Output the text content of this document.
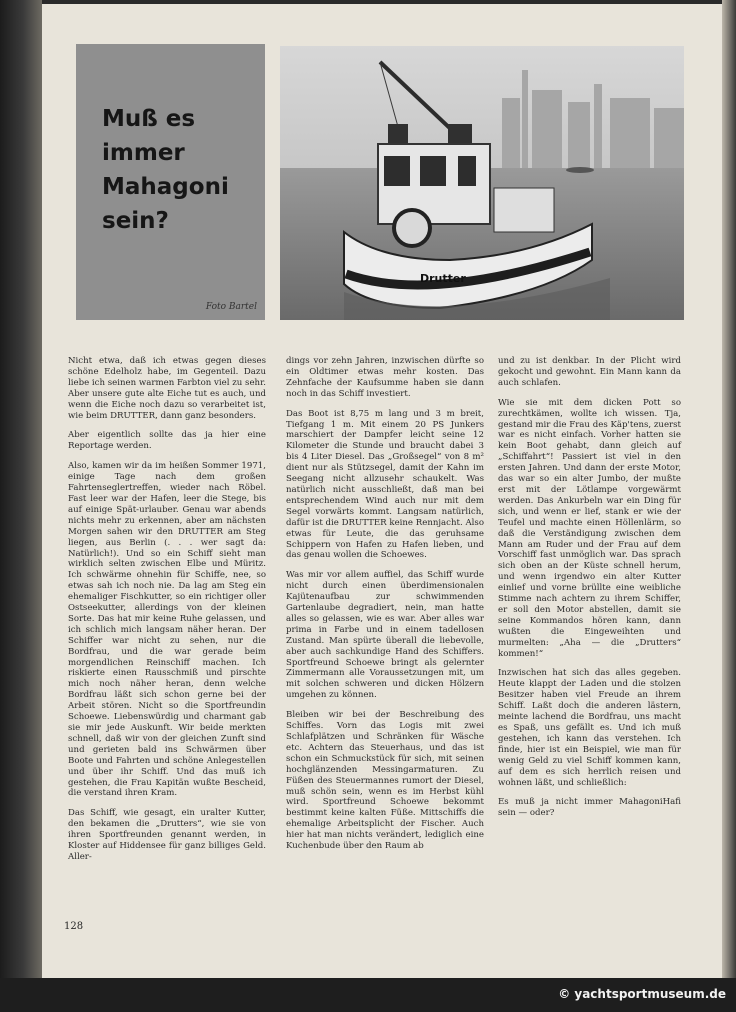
Muß es immer Mahagoni sein?
Foto Bartel
Drutter

Nicht etwa, daß ich etwas gegen dieses schöne Edelholz habe, im Gegenteil. Dazu liebe ich seinen warmen Farbton viel zu sehr. Aber unsere gute alte Eiche tut es auch, und wenn die Eiche noch dazu so verarbeitet ist, wie beim DRUTTER, dann ganz besonders.

Aber eigentlich sollte das ja hier eine Reportage werden.

Also, kamen wir da im heißen Sommer 1971, einige Tage nach dem großen Fahrtenseglertreffen, wieder nach Röbel. Fast leer war der Hafen, leer die Stege, bis auf einige Spät-urlauber. Genau war abends nichts mehr zu erkennen, aber am nächsten Morgen sahen wir den DRUTTER am Steg liegen, aus Berlin (. . . wer sagt da: Natürlich!). Und so ein Schiff sieht man wirklich selten zwischen Elbe und Müritz. Ich schwärme ohnehin für Schiffe, nee, so etwas sah ich noch nie. Da lag am Steg ein ehemaliger Fischkutter, so ein richtiger oller Ostseekutter, allerdings von der kleinen Sorte. Das hat mir keine Ruhe gelassen, und ich schlich mich langsam näher heran. Der Schiffer war nicht zu sehen, nur die Bordfrau, und die war gerade beim morgendlichen Reinschiff machen. Ich riskierte einen Rausschmiß und pirschte mich noch näher heran, denn welche Bordfrau läßt sich schon gerne bei der Arbeit stören. Nicht so die Sportfreundin Schoewe. Liebenswürdig und charmant gab sie mir jede Auskunft. Wir beide merkten schnell, daß wir von der gleichen Zunft sind und gerieten bald ins Schwärmen über Boote und Fahrten und schöne Anlegestellen und über ihr Schiff. Und das muß ich gestehen, die Frau Kapitän wußte Bescheid, die verstand ihren Kram.

Das Schiff, wie gesagt, ein uralter Kutter, den bekamen die „Drutters“, wie sie von ihren Sportfreunden genannt werden, in Kloster auf Hiddensee für ganz billiges Geld. Aller-

dings vor zehn Jahren, inzwischen dürfte so ein Oldtimer etwas mehr kosten. Das Zehnfache der Kaufsumme haben sie dann noch in das Schiff investiert.

Das Boot ist 8,75 m lang und 3 m breit, Tiefgang 1 m. Mit einem 20 PS Junkers marschiert der Dampfer leicht seine 12 Kilometer die Stunde und braucht dabei 3 bis 4 Liter Diesel. Das „Großsegel“ von 8 m² dient nur als Stützsegel, damit der Kahn im Seegang nicht allzusehr schaukelt. Was natürlich nicht ausschließt, daß man bei entsprechendem Wind auch nur mit dem Segel vorwärts kommt. Langsam natürlich, dafür ist die DRUTTER keine Rennjacht. Also etwas für Leute, die das geruhsame Schippern von Hafen zu Hafen lieben, und das genau wollen die Schoewes.

Was mir vor allem auffiel, das Schiff wurde nicht durch einen überdimensionalen Kajütenaufbau zur schwimmenden Gartenlaube degradiert, nein, man hatte alles so gelassen, wie es war. Aber alles war prima in Farbe und in einem tadellosen Zustand. Man spürte überall die liebevolle, aber auch sachkundige Hand des Schiffers. Sportfreund Schoewe bringt als gelernter Zimmermann alle Voraussetzungen mit, um mit solchen schweren und dicken Hölzern umgehen zu können.

Bleiben wir bei der Beschreibung des Schiffes. Vorn das Logis mit zwei Schlafplätzen und Schränken für Wäsche etc. Achtern das Steuerhaus, und das ist schon ein Schmuckstück für sich, mit seinen hochglänzenden Messingarmaturen. Zu Füßen des Steuermannes rumort der Diesel, muß schön sein, wenn es im Herbst kühl wird. Sportfreund Schoewe bekommt bestimmt keine kalten Füße. Mittschiffs die ehemalige Arbeitsplicht der Fischer. Auch hier hat man nichts verändert, lediglich eine Kuchenbude über den Raum ab

und zu ist denkbar. In der Plicht wird gekocht und gewohnt. Ein Mann kann da auch schlafen.

Wie sie mit dem dicken Pott so zurechtkämen, wollte ich wissen. Tja, gestand mir die Frau des Käp'tens, zuerst war es nicht einfach. Vorher hatten sie kein Boot gehabt, dann gleich auf „Schiffahrt“! Passiert ist viel in den ersten Jahren. Und dann der erste Motor, das war so ein alter Jumbo, der mußte erst mit der Lötlampe vorgewärmt werden. Das Ankurbeln war ein Ding für sich, und wenn er lief, stank er wie der Teufel und machte einen Höllenlärm, so daß die Verständigung zwischen dem Mann am Ruder und der Frau auf dem Vorschiff fast unmöglich war. Das sprach sich oben an der Küste schnell herum, und wenn irgendwo ein alter Kutter einlief und vorne brüllte eine weibliche Stimme nach achtern zu ihrem Schiffer, er soll den Motor abstellen, damit sie seine Kommandos hören kann, dann wußten die Eingeweihten und murmelten: „Aha — die „Drutters“ kommen!“

Inzwischen hat sich das alles gegeben. Heute klappt der Laden und die stolzen Besitzer haben viel Freude an ihrem Schiff. Laßt doch die anderen lästern, meinte lachend die Bordfrau, uns macht es Spaß, uns gefällt es. Und ich muß gestehen, ich kann das verstehen. Ich finde, hier ist ein Beispiel, wie man für wenig Geld zu viel Schiff kommen kann, auf dem es sich herrlich reisen und wohnen läßt, und schließlich:

Es muß ja nicht immer Mahagoni sein — oder?
Hafi
128
© yachtsportmuseum.de
